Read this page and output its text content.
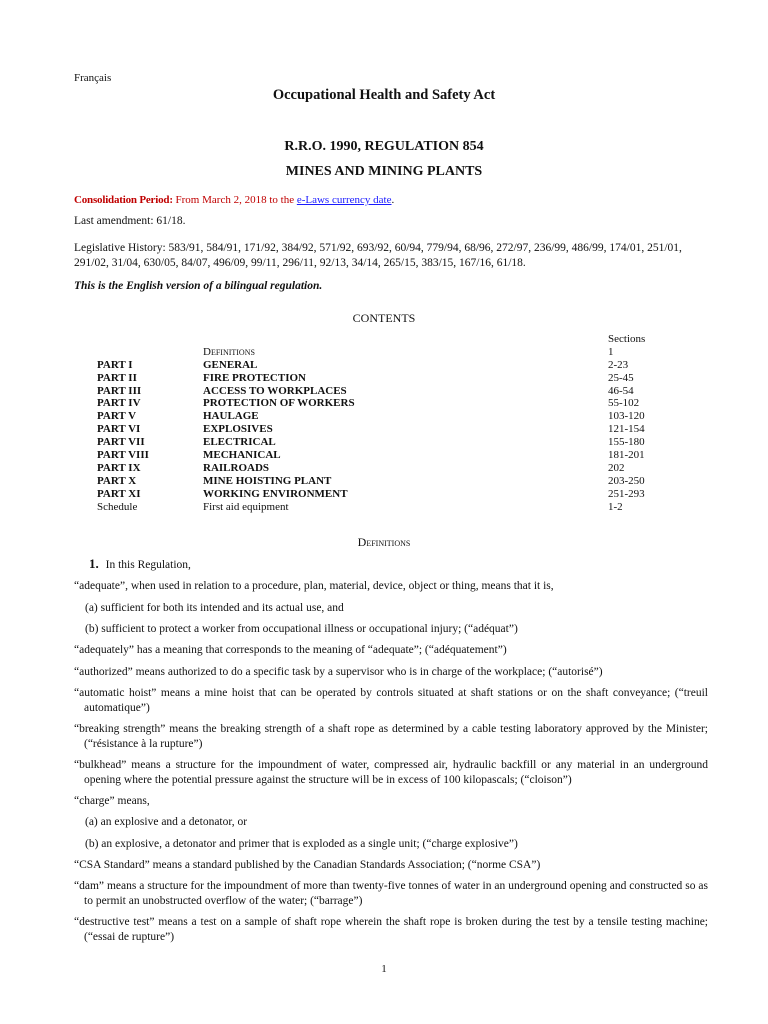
Français
Occupational Health and Safety Act
R.R.O. 1990, REGULATION 854
MINES AND MINING PLANTS
Consolidation Period: From March 2, 2018 to the e-Laws currency date.
Last amendment: 61/18.
Legislative History: 583/91, 584/91, 171/92, 384/92, 571/92, 693/92, 60/94, 779/94, 68/96, 272/97, 236/99, 486/99, 174/01, 251/01, 291/02, 31/04, 630/05, 84/07, 496/09, 99/11, 296/11, 92/13, 34/14, 265/15, 383/15, 167/16, 61/18.
This is the English version of a bilingual regulation.
CONTENTS
Sections
Definitions	1
PART I	GENERAL	2-23
PART II	FIRE PROTECTION	25-45
PART III	ACCESS TO WORKPLACES	46-54
PART IV	PROTECTION OF WORKERS	55-102
PART V	HAULAGE	103-120
PART VI	EXPLOSIVES	121-154
PART VII	ELECTRICAL	155-180
PART VIII	MECHANICAL	181-201
PART IX	RAILROADS	202
PART X	MINE HOISTING PLANT	203-250
PART XI	WORKING ENVIRONMENT	251-293
Schedule	First aid equipment	1-2
Definitions

1. In this Regulation,

“adequate”, when used in relation to a procedure, plan, material, device, object or thing, means that it is,

(a) sufficient for both its intended and its actual use, and

(b) sufficient to protect a worker from occupational illness or occupational injury; (“adéquat”)

“adequately” has a meaning that corresponds to the meaning of “adequate”; (“adéquatement”)

“authorized” means authorized to do a specific task by a supervisor who is in charge of the workplace; (“autorisé”)

“automatic hoist” means a mine hoist that can be operated by controls situated at shaft stations or on the shaft conveyance; (“treuil automatique”)

“breaking strength” means the breaking strength of a shaft rope as determined by a cable testing laboratory approved by the Minister; (“résistance à la rupture”)

“bulkhead” means a structure for the impoundment of water, compressed air, hydraulic backfill or any material in an underground opening where the potential pressure against the structure will be in excess of 100 kilopascals; (“cloison”)

“charge” means,

(a) an explosive and a detonator, or

(b) an explosive, a detonator and primer that is exploded as a single unit; (“charge explosive”)

“CSA Standard” means a standard published by the Canadian Standards Association; (“norme CSA”)

“dam” means a structure for the impoundment of more than twenty-five tonnes of water in an underground opening and constructed so as to permit an unobstructed overflow of the water; (“barrage”)

“destructive test” means a test on a sample of shaft rope wherein the shaft rope is broken during the test by a tensile testing machine; (“essai de rupture”)

1
